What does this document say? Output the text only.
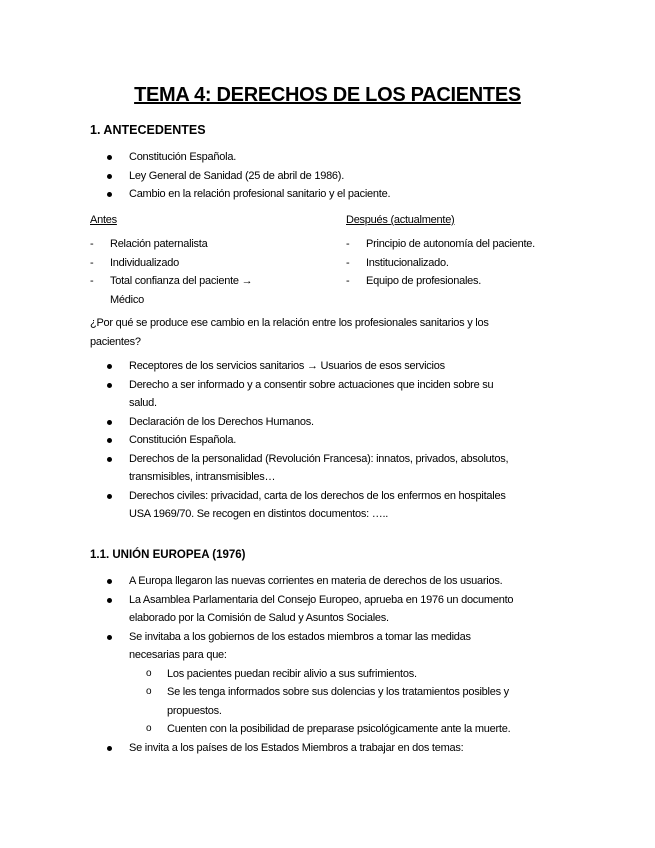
TEMA 4: DERECHOS DE LOS PACIENTES
1. ANTECEDENTES
Constitución Española.
Ley General de Sanidad (25 de abril de 1986).
Cambio en la relación profesional sanitario y el paciente.
Antes	Después (actualmente)
- Relación paternalista
- Individualizado
- Total confianza del paciente →
Médico
- Principio de autonomía del paciente.
- Institucionalizado.
- Equipo de profesionales.
¿Por qué se produce ese cambio en la relación entre los profesionales sanitarios y los
pacientes?
Receptores de los servicios sanitarios → Usuarios de esos servicios
Derecho a ser informado y a consentir sobre actuaciones que inciden sobre su
salud.
Declaración de los Derechos Humanos.
Constitución Española.
Derechos de la personalidad (Revolución Francesa): innatos, privados, absolutos,
transmisibles, intransmisibles…
Derechos civiles: privacidad, carta de los derechos de los enfermos en hospitales
USA 1969/70. Se recogen en distintos documentos: …..
1.1. UNIÓN EUROPEA (1976)
A Europa llegaron las nuevas corrientes en materia de derechos de los usuarios.
La Asamblea Parlamentaria del Consejo Europeo, aprueba en 1976 un documento
elaborado por la Comisión de Salud y Asuntos Sociales.
Se invitaba a los gobiernos de los estados miembros a tomar las medidas
necesarias para que:
o Los pacientes puedan recibir alivio a sus sufrimientos.
o Se les tenga informados sobre sus dolencias y los tratamientos posibles y
propuestos.
o Cuenten con la posibilidad de preparase psicológicamente ante la muerte.
Se invita a los países de los Estados Miembros a trabajar en dos temas:
